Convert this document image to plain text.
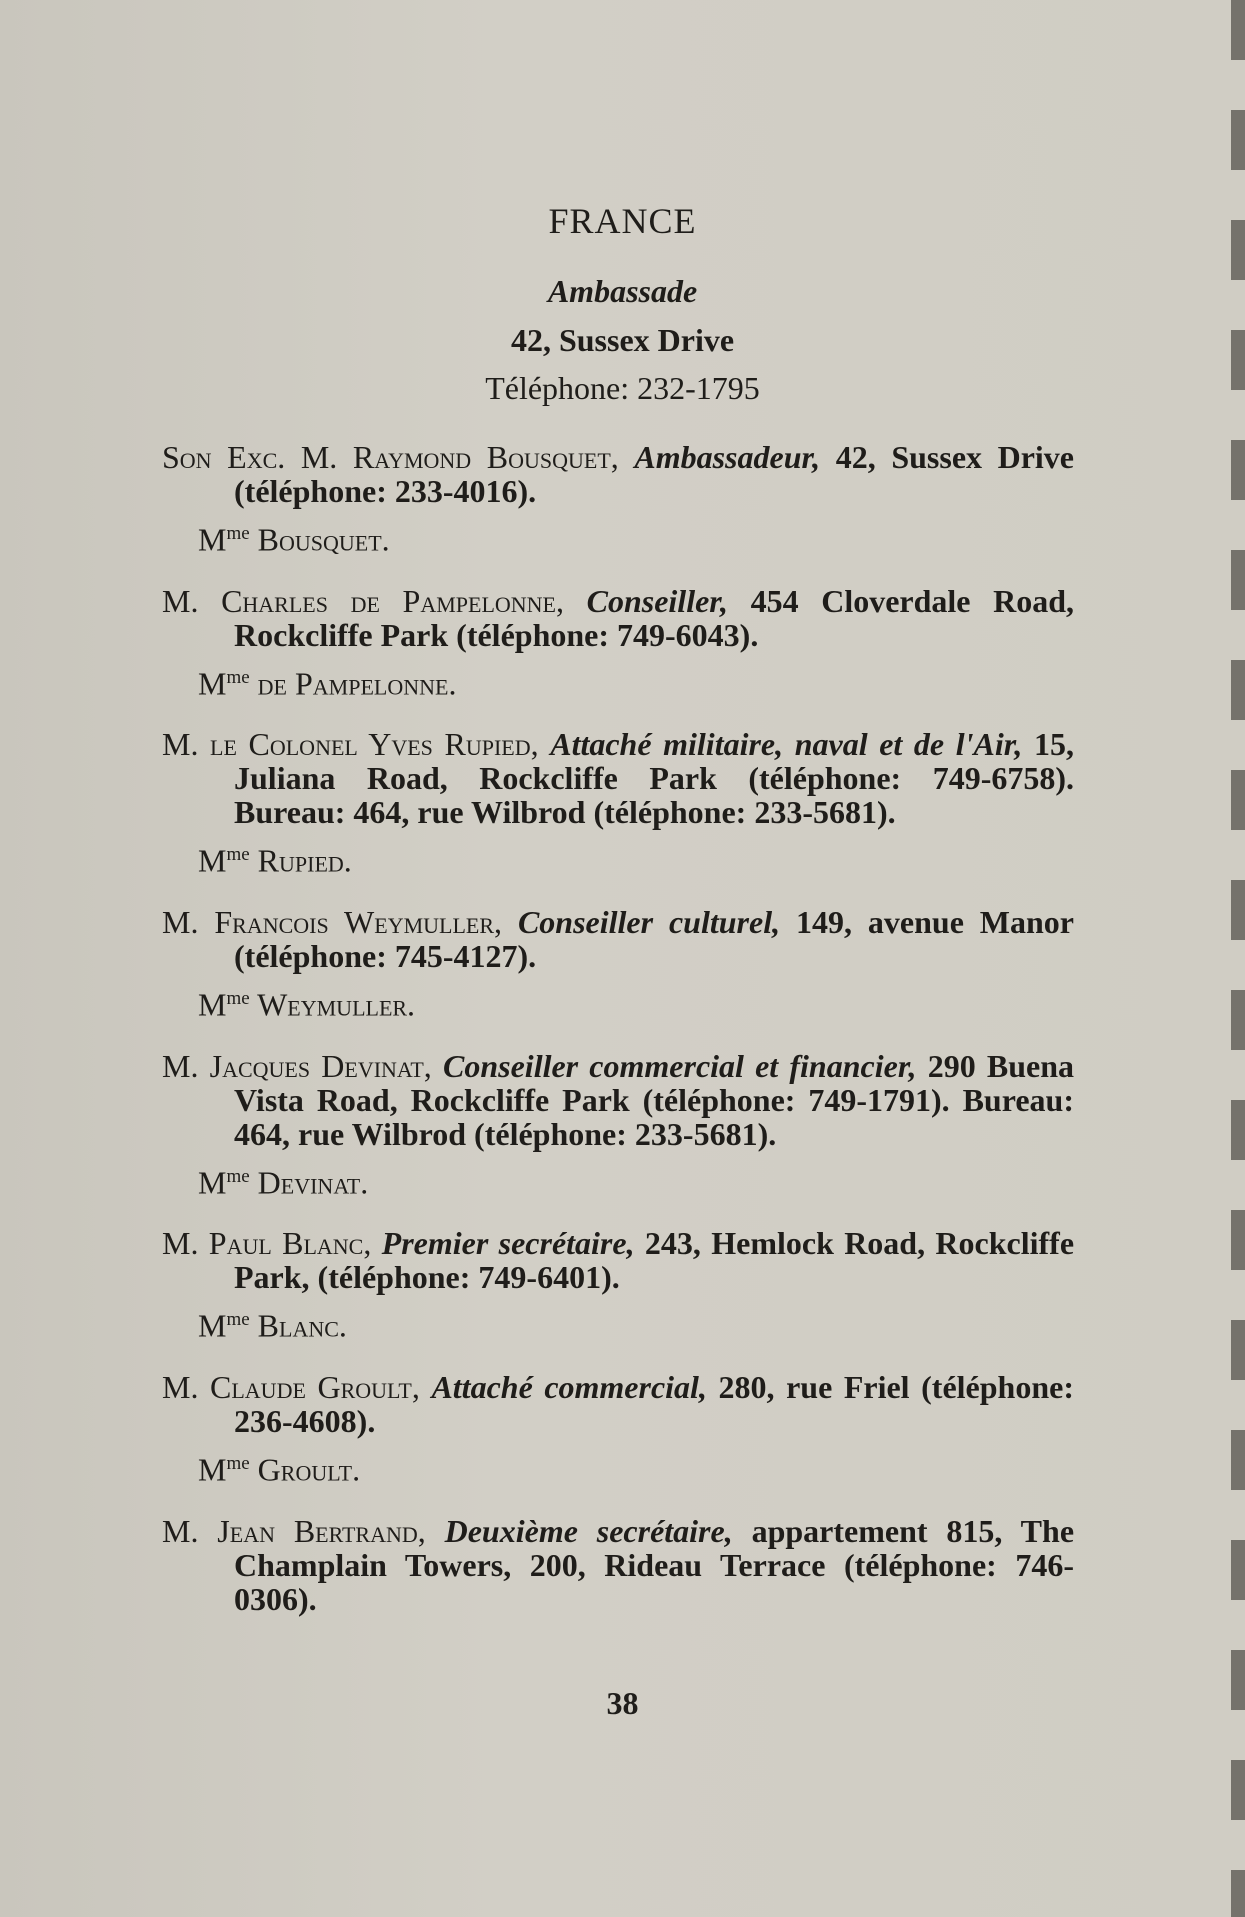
FRANCE
Ambassade
42, Sussex Drive
Téléphone: 232-1795
Son Exc. M. Raymond Bousquet, Ambassadeur, 42, Sussex Drive (téléphone: 233-4016).
$M^{me}$ Bousquet.
M. Charles de Pampelonne, Conseiller, 454 Cloverdale Road, Rockcliffe Park (téléphone: 749-6043).
$M^{me}$ de Pampelonne.
M. le Colonel Yves Rupied, Attaché militaire, naval et de l'Air, 15, Juliana Road, Rockcliffe Park (téléphone: 749-6758). Bureau: 464, rue Wilbrod (téléphone: 233-5681).
$M^{me}$ Rupied.
M. Francois Weymuller, Conseiller culturel, 149, avenue Manor (téléphone: 745-4127).
$M^{me}$ Weymuller.
M. Jacques Devinat, Conseiller commercial et financier, 290 Buena Vista Road, Rockcliffe Park (téléphone: 749-1791). Bureau: 464, rue Wilbrod (téléphone: 233-5681).
$M^{me}$ Devinat.
M. Paul Blanc, Premier secrétaire, 243, Hemlock Road, Rockcliffe Park, (téléphone: 749-6401).
$M^{me}$ Blanc.
M. Claude Groult, Attaché commercial, 280, rue Friel (téléphone: 236-4608).
$M^{me}$ Groult.
M. Jean Bertrand, Deuxième secrétaire, appartement 815, The Champlain Towers, 200, Rideau Terrace (téléphone: 746-0306).
38
